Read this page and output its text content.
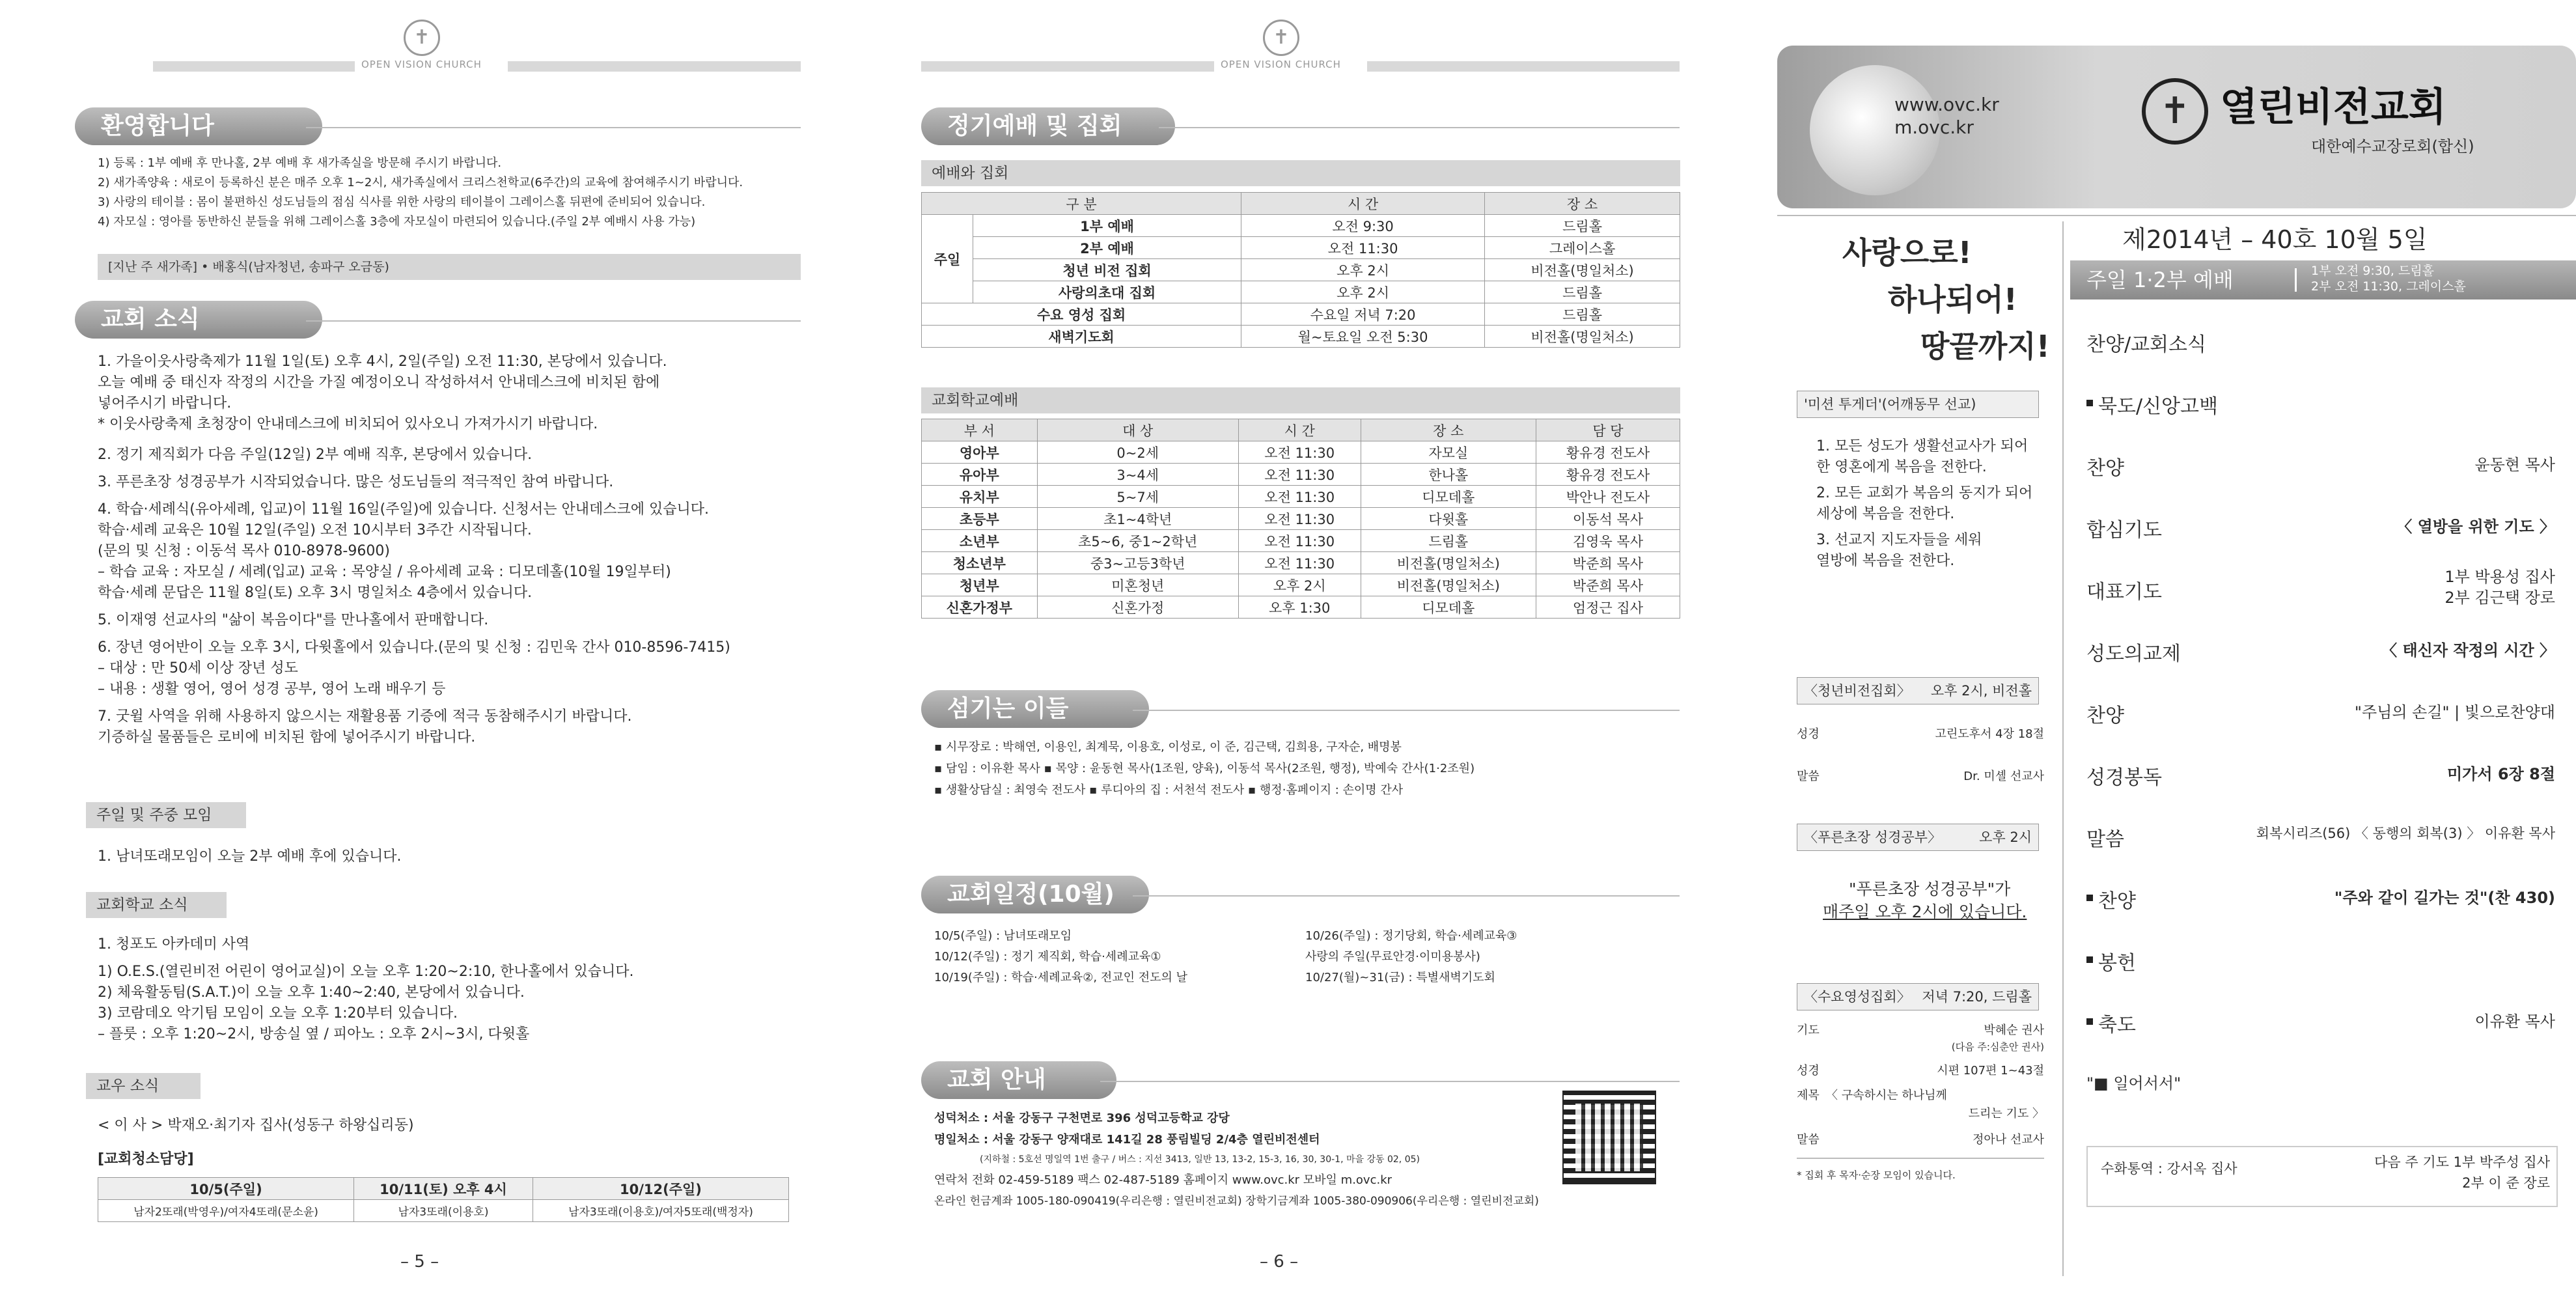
✝
OPEN VISION CHURCH
환영합니다
1) 등록 : 1부 예배 후 만나홀, 2부 예배 후 새가족실을 방문해 주시기 바랍니다.
2) 새가족양육 : 새로이 등록하신 분은 매주 오후 1~2시, 새가족실에서 크리스천학교(6주간)의 교육에 참여해주시기 바랍니다.
3) 사랑의 테이블 : 몸이 불편하신 성도님들의 점심 식사를 위한 사랑의 테이블이 그레이스홀 뒤편에 준비되어 있습니다.
4) 자모실 : 영아를 동반하신 분들을 위해 그레이스홀 3층에 자모실이 마련되어 있습니다.(주일 2부 예배시 사용 가능)
[지난 주 새가족] • 배홍식(남자청년, 송파구 오금동)
교회 소식
1. 가을이웃사랑축제가 11월 1일(토) 오후 4시, 2일(주일) 오전 11:30, 본당에서 있습니다.
오늘 예배 중 태신자 작정의 시간을 가질 예정이오니 작성하셔서 안내데스크에 비치된 함에
넣어주시기 바랍니다.
* 이웃사랑축제 초청장이 안내데스크에 비치되어 있사오니 가져가시기 바랍니다.
2. 정기 제직회가 다음 주일(12일) 2부 예배 직후, 본당에서 있습니다.
3. 푸른초장 성경공부가 시작되었습니다. 많은 성도님들의 적극적인 참여 바랍니다.
4. 학습·세례식(유아세례, 입교)이 11월 16일(주일)에 있습니다. 신청서는 안내데스크에 있습니다.
학습·세례 교육은 10월 12일(주일) 오전 10시부터 3주간 시작됩니다.
(문의 및 신청 : 이동석 목사 010-8978-9600)
– 학습 교육 : 자모실 / 세례(입교) 교육 : 목양실 / 유아세례 교육 : 디모데홀(10월 19일부터)
학습·세례 문답은 11월 8일(토) 오후 3시 명일처소 4층에서 있습니다.
5. 이재영 선교사의 "삶이 복음이다"를 만나홀에서 판매합니다.
6. 장년 영어반이 오늘 오후 3시, 다윗홀에서 있습니다.(문의 및 신청 : 김민욱 간사 010-8596-7415)
– 대상 : 만 50세 이상 장년 성도
– 내용 : 생활 영어, 영어 성경 공부, 영어 노래 배우기 등
7. 굿윌 사역을 위해 사용하지 않으시는 재활용품 기증에 적극 동참해주시기 바랍니다.
기증하실 물품들은 로비에 비치된 함에 넣어주시기 바랍니다.
주일 및 주중 모임
1. 남녀또래모임이 오늘 2부 예배 후에 있습니다.
교회학교 소식
1. 청포도 아카데미 사역
1) O.E.S.(열린비전 어린이 영어교실)이 오늘 오후 1:20~2:10, 한나홀에서 있습니다.
2) 체육활동팀(S.A.T.)이 오늘 오후 1:40~2:40, 본당에서 있습니다.
3) 코람데오 악기팀 모임이 오늘 오후 1:20부터 있습니다.
– 플룻 : 오후 1:20~2시, 방송실 옆 / 피아노 : 오후 2시~3시, 다윗홀
교우 소식
< 이 사 > 박재오·최기자 집사(성동구 하왕십리동)
[교회청소담당]
10/5(주일)	10/11(토) 오후 4시	10/12(주일)
남자2또래(박영우)/여자4또래(문소윤)	남자3또래(이용호)	남자3또래(이용호)/여자5또래(백정자)
– 5 –
✝
OPEN VISION CHURCH
정기예배 및 집회
예배와 집회
구 분		시 간	장 소
주일	1부 예배	오전 9:30	드림홀
	2부 예배	오전 11:30	그레이스홀
	청년 비전 집회	오후 2시	비전홀(명일처소)
	사랑의초대 집회	오후 2시	드림홀
수요 영성 집회		수요일 저녁 7:20	드림홀
새벽기도회		월~토요일 오전 5:30	비전홀(명일처소)
교회학교예배
부 서	대 상	시 간	장 소	담 당
영아부	0~2세	오전 11:30	자모실	황유경 전도사
유아부	3~4세	오전 11:30	한나홀	황유경 전도사
유치부	5~7세	오전 11:30	디모데홀	박안나 전도사
초등부	초1~4학년	오전 11:30	다윗홀	이동석 목사
소년부	초5~6, 중1~2학년	오전 11:30	드림홀	김영욱 목사
청소년부	중3~고등3학년	오전 11:30	비전홀(명일처소)	박준희 목사
청년부	미혼청년	오후 2시	비전홀(명일처소)	박준희 목사
신혼가정부	신혼가정	오후 1:30	디모데홀	엄정근 집사
섬기는 이들
▪ 시무장로 : 박해연, 이용인, 최계묵, 이용호, 이성로, 이 준, 김근택, 김희용, 구자순, 배명봉
▪ 담임 : 이유환 목사 ▪ 목양 : 윤동현 목사(1조원, 양육), 이동석 목사(2조원, 행정), 박예숙 간사(1·2조원)
▪ 생활상담실 : 최영숙 전도사 ▪ 루디아의 집 : 서천석 전도사 ▪ 행정·홈페이지 : 손이명 간사
교회일정(10월)
10/5(주일) : 남녀또래모임
10/12(주일) : 정기 제직회, 학습·세례교육①
10/19(주일) : 학습·세례교육②, 전교인 전도의 날
10/26(주일) : 정기당회, 학습·세례교육③
사랑의 주일(무료안경·이미용봉사)
10/27(월)~31(금) : 특별새벽기도회
교회 안내
성덕처소 : 서울 강동구 구천면로 396 성덕고등학교 강당
명일처소 : 서울 강동구 양재대로 141길 28 풍림빌딩 2/4층 열린비전센터
(지하철 : 5호선 명일역 1번 출구 / 버스 : 지선 3413, 일반 13, 13-2, 15-3, 16, 30, 30-1, 마을 강동 02, 05)
연락처 전화 02-459-5189 팩스 02-487-5189 홈페이지 www.ovc.kr 모바일 m.ovc.kr
온라인 헌금계좌 1005-180-090419(우리은행 : 열린비전교회) 장학기금계좌 1005-380-090906(우리은행 : 열린비전교회)
– 6 –
www.ovc.kr
m.ovc.kr	✝ 열린비전교회
대한예수교장로회(합신)
제2014년 – 40호 10월 5일
주일 1·2부 예배	1부 오전 9:30, 드림홀
2부 오전 11:30, 그레이스홀
사랑으로!
하나되어!
땅끝까지!
'미션 투게더'(어깨동무 선교)
1. 모든 성도가 생활선교사가 되어
한 영혼에게 복음을 전한다.
2. 모든 교회가 복음의 동지가 되어
세상에 복음을 전한다.
3. 선교지 지도자들을 세워
열방에 복음을 전한다.
〈청년비전집회〉 오후 2시, 비전홀
성경	고린도후서 4장 18절
말씀	Dr. 미셸 선교사
〈푸른초장 성경공부〉	오후 2시
"푸른초장 성경공부"가
매주일 오후 2시에 있습니다.
〈수요영성집회〉 저녁 7:20, 드림홀
기도	박혜순 권사
(다음 주:심춘안 권사)
성경	시편 107편 1~43절
제목 〈 구속하시는 하나님께
드리는 기도 〉
말씀	정아나 선교사
* 집회 후 목자·순장 모임이 있습니다.
찬양/교회소식
묵도/신앙고백
찬양	윤동현 목사
합심기도	〈 열방을 위한 기도 〉
대표기도
1부 박용성 집사
2부 김근택 장로
성도의교제	〈 태신자 작정의 시간 〉
찬양	"주님의 손길" | 빛으로찬양대
성경봉독	미가서 6장 8절
말씀	회복시리즈(56) 〈 동행의 회복(3) 〉 이유환 목사
찬양	"주와 같이 길가는 것"(찬 430)
봉헌
축도	이유환 목사
"■ 일어서서"
수화통역 : 강서옥 집사	다음 주 기도 1부 박주성 집사
2부 이 준 장로
